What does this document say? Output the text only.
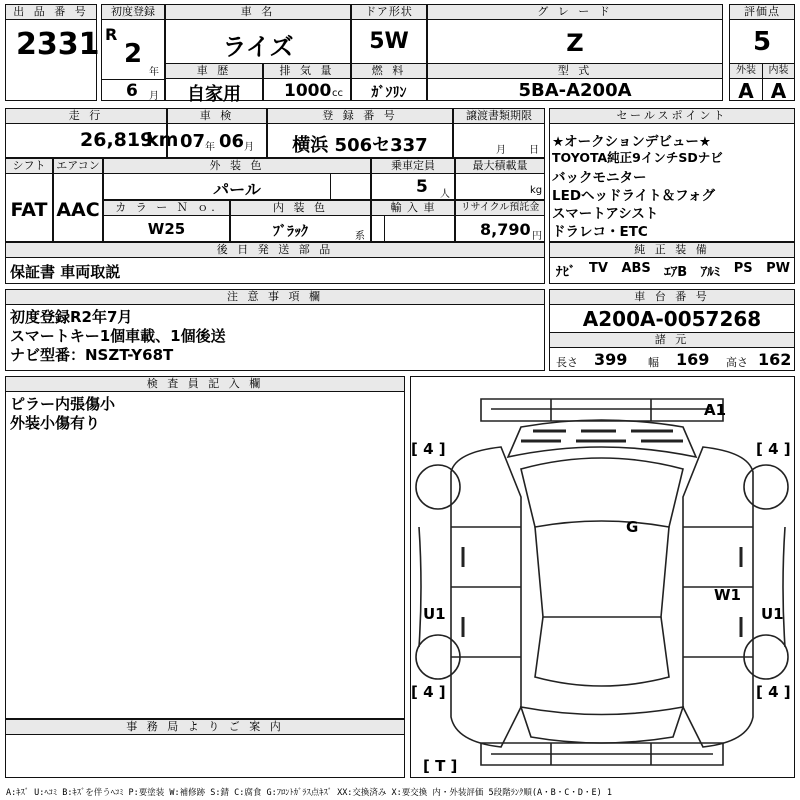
出 品 番 号
2331
初度登録
R
2
年
6 月
車 名
ライズ
ドア形状
5W
グ レ ー ド
Z
評価点
5
車 歴
自家用
排 気 量
1000 cc
燃 料
ｶﾞｿﾘﾝ
型 式
5BA-A200A
外装
A
内装
A
走 行
26,819
km
車 検
07 年 06 月
登 録 番 号
横浜 506セ337
譲渡書類期限
月 日
シフト
FAT
エアコン
AAC
外 装 色
パール
乗車定員
5 人
最大積載量
kg
カ ラ ー Ｎ ｏ.
W25
内 装 色
ﾌﾞﾗｯｸ	系
輸 入 車	リサイクル預託金
8,790 円
セールスポイント
★オークションデビュー★
TOYOTA純正9インチSDナビ
バックモニター
LEDヘッドライト＆フォグ
スマートアシスト
ドラレコ・ETC
後 日 発 送 部 品
保証書 車両取説
純 正 装 備
ﾅﾋﾞ TV ABS ｴｱB ｱﾙﾐ PS PW
注 意 事 項 欄
初度登録R2年7月
スマートキー1個車載、1個後送
ナビ型番：NSZT-Y68T
車 台 番 号
A200A-0057268
諸 元
長さ 399 幅 169 高さ 162
検 査 員 記 入 欄
ピラー内張傷小
外装小傷有り
事 務 局 よ り ご 案 内
A1
G
W1
U1	U1
[ 4 ]	[ 4 ]
[ 4 ]	[ 4 ]
[ T ]
A:ｷｽﾞ U:ﾍｺﾐ B:ｷｽﾞを伴うﾍｺﾐ P:要塗装 W:補修跡 S:錆 C:腐食 G:ﾌﾛﾝﾄｶﾞﾗｽ点ｷｽﾞ XX:交換済み X:要交換 内・外装評価 5段階ﾗﾝｸ順(A・B・C・D・E) 1
